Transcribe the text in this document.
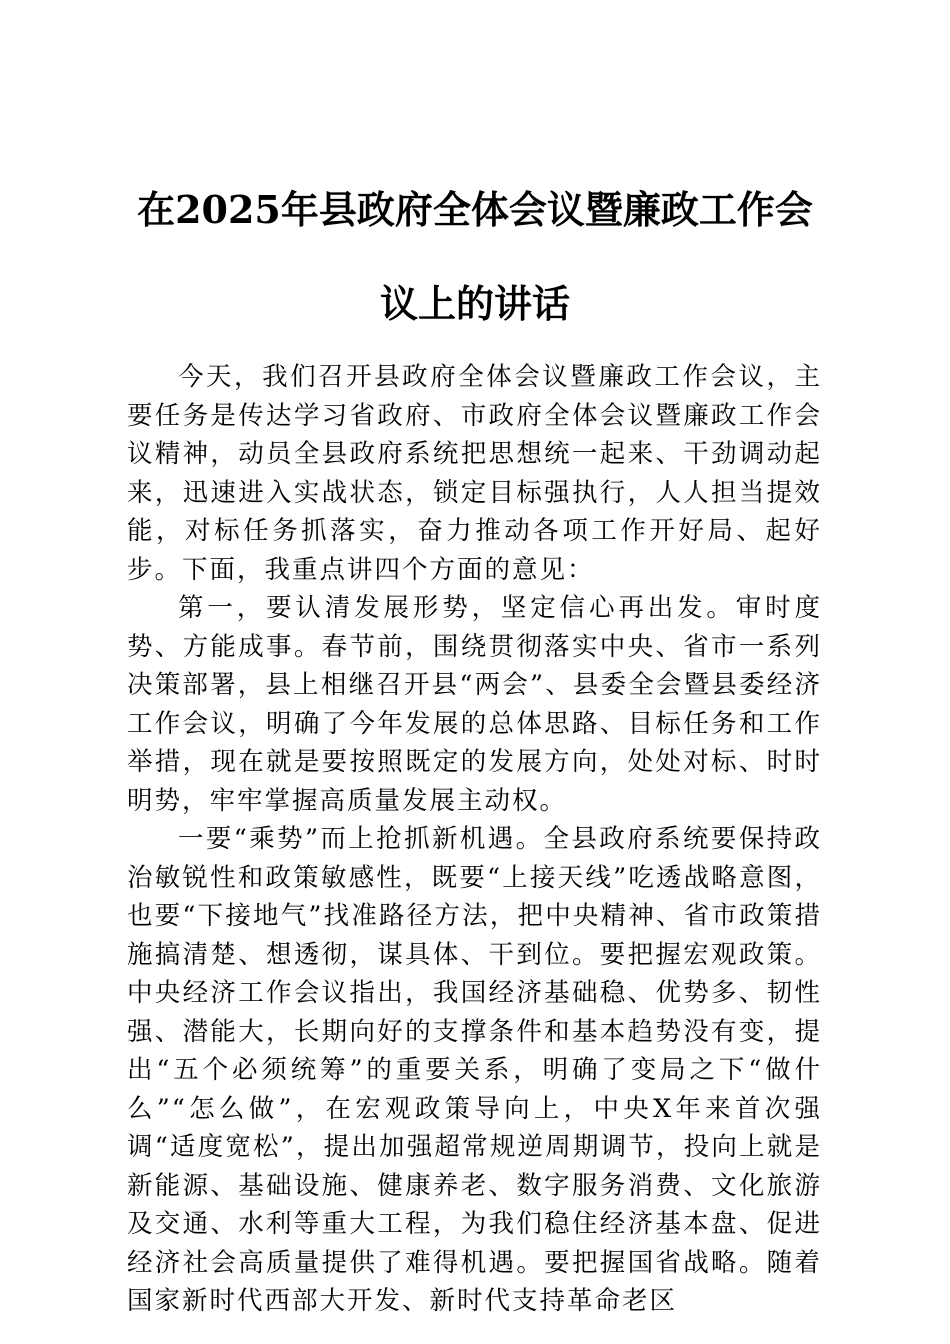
在2025年县政府全体会议暨廉政工作会议上的讲话

今天，我们召开县政府全体会议暨廉政工作会议，主要任务是传达学习省政府、市政府全体会议暨廉政工作会议精神，动员全县政府系统把思想统一起来、干劲调动起来，迅速进入实战状态，锁定目标强执行，人人担当提效能，对标任务抓落实，奋力推动各项工作开好局、起好步。下面，我重点讲四个方面的意见：

第一，要认清发展形势，坚定信心再出发。审时度势、方能成事。春节前，围绕贯彻落实中央、省市一系列决策部署，县上相继召开县“两会”、县委全会暨县委经济工作会议，明确了今年发展的总体思路、目标任务和工作举措，现在就是要按照既定的发展方向，处处对标、时时明势，牢牢掌握高质量发展主动权。

一要“乘势”而上抢抓新机遇。全县政府系统要保持政治敏锐性和政策敏感性，既要“上接天线”吃透战略意图，也要“下接地气”找准路径方法，把中央精神、省市政策措施搞清楚、想透彻，谋具体、干到位。要把握宏观政策。中央经济工作会议指出，我国经济基础稳、优势多、韧性强、潜能大，长期向好的支撑条件和基本趋势没有变，提出“五个必须统筹”的重要关系，明确了变局之下“做什么”“怎么做”，在宏观政策导向上，中央X年来首次强调“适度宽松”，提出加强超常规逆周期调节，投向上就是新能源、基础设施、健康养老、数字服务消费、文化旅游及交通、水利等重大工程，为我们稳住经济基本盘、促进经济社会高质量提供了难得机遇。要把握国省战略。随着国家新时代西部大开发、新时代支持革命老区
